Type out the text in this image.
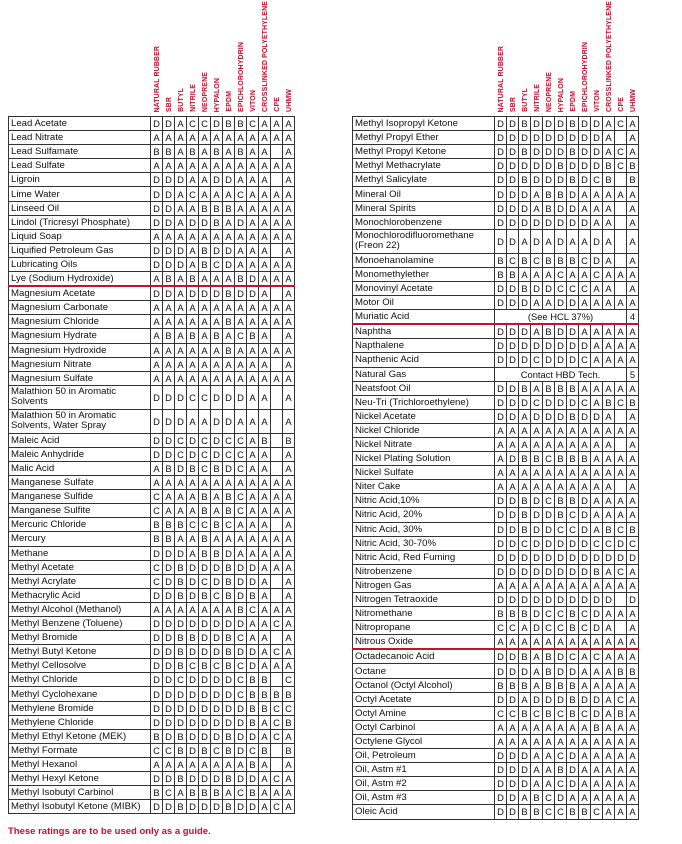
	NATURAL RUBBER	SBR	BUTYL	NITRILE	NEOPRENE	HYPALON	EPDM	EPICHLOROHYDRIN	VITON	CROSSLINKED POLYETHYLENE	CPE	UHMW

Lead Acetate	D	D	A	C	C	D	B	B	C	A	A	A
Lead Nitrate	A	A	A	A	A	A	A	A	A	A	A	A
Lead Sulfamate	B	B	A	B	A	B	A	B	A	A		A
Lead Sulfate	A	A	A	A	A	A	A	A	A	A	A	A
Ligroin	D	D	D	A	A	D	D	A	A	A		A
Lime Water	D	D	A	C	A	A	A	C	A	A	A	A
Linseed Oil	D	D	A	A	B	B	B	A	A	A	A	A
Lindol (Tricresyl Phosphate)	D	D	A	D	D	B	A	D	A	A	A	A
Liquid Soap	A	A	A	A	A	A	A	A	A	A	A	A
Liquified Petroleum Gas	D	D	D	A	B	D	D	A	A	A		A
Lubricating Oils	D	D	D	A	B	C	D	A	A	A	A	A
Lye (Sodium Hydroxide)	A	B	A	B	A	A	A	B	D	A	A	A
Magnesium Acetate	D	D	A	D	D	D	B	D	D	A		A
Magnesium Carbonate	A	A	A	A	A	A	A	A	A	A	A	A
Magnesium Chloride	A	A	A	A	A	A	B	A	A	A	A	A
Magnesium Hydrate	A	B	A	B	A	B	A	C	B	A		A
Magnesium Hydroxide	A	A	A	A	A	A	B	A	A	A	A	A
Magnesium Nitrate	A	A	A	A	A	A	A	A	A	A		A
Magnesium Sulfate	A	A	A	A	A	A	A	A	A	A	A	A
Malathion 50 in Aromatic Solvents	D	D	D	C	C	D	D	D	A	A		A
Malathion 50 in Aromatic Solvents, Water Spray	D	D	D	A	A	D	D	A	A	A		A
Maleic Acid	D	D	C	D	C	D	C	C	A	B		B
Maleic Anhydride	D	D	C	D	C	D	C	C	A	A		A
Malic Acid	A	B	D	B	C	B	D	C	A	A		A
Manganese Sulfate	A	A	A	A	A	A	A	A	A	A	A	A
Manganese Sulfide	C	A	A	A	B	A	B	C	A	A	A	A
Manganese Sulfite	C	A	A	A	B	A	B	C	A	A	A	A
Mercuric Chloride	B	B	B	C	C	B	C	A	A	A		A
Mercury	B	B	A	A	B	A	A	A	A	A	A	A
Methane	D	D	D	A	B	B	D	A	A	A	A	A
Methyl Acetate	C	D	B	D	D	D	B	D	D	A	A	A
Methyl Acrylate	C	D	B	D	C	D	B	D	D	A		A
Methacrylic Acid	D	D	B	D	B	C	B	D	B	A		A
Methyl Alcohol (Methanol)	A	A	A	A	A	A	A	B	C	A	A	A
Methyl Benzene (Toluene)	D	D	D	D	D	D	D	D	A	A	C	A
Methyl Bromide	D	D	B	B	D	D	B	C	A	A		A
Methyl Butyl Ketone	D	D	B	D	D	D	B	D	D	A	C	A
Methyl Cellosolve	D	D	B	C	B	C	B	C	D	A	A	A
Methyl Chloride	D	D	C	D	D	D	D	C	B	B		C
Methyl Cyclohexane	D	D	D	D	D	D	D	C	B	B	B	B
Methylene Bromide	D	D	D	D	D	D	D	D	B	B	C	C
Methylene Chloride	D	D	D	D	D	D	D	D	B	A	C	B
Methyl Ethyl Ketone (MEK)	B	D	B	D	D	D	B	D	D	A	C	A
Methyl Formate	C	C	B	D	B	C	B	D	C	B		B
Methyl Hexanol	A	A	A	A	A	A	A	A	B	A		A
Methyl Hexyl Ketone	D	D	B	D	D	D	B	D	D	A	C	A
Methyl Isobutyl Carbinol	B	C	A	B	B	B	A	C	B	A	A	A
Methyl Isobutyl Ketone (MIBK)	D	D	B	D	D	D	B	D	D	A	C	A

	NATURAL RUBBER	SBR	BUTYL	NITRILE	NEOPRENE	HYPALON	EPDM	EPICHLOROHYDRIN	VITON	CROSSLINKED POLYETHYLENE	CPE	UHMW

Methyl Isopropyl Ketone	D	D	B	D	D	D	B	D	D	A	C	A
Methyl Propyl Ether	D	D	D	D	D	D	D	D	D	A		A
Methyl Propyl Ketone	D	D	B	D	D	D	B	D	D	A	C	A
Methyl Methacrylate	D	D	D	D	D	B	D	D	D	B	C	B
Methyl Salicylate	D	D	B	D	D	D	B	D	C	B		B
Mineral Oil	D	D	D	A	B	B	D	A	A	A	A	A
Mineral Spirits	D	D	D	A	B	D	D	A	A	A		A
Monochlorobenzene	D	D	D	D	D	D	D	D	A	A		A
Monochlorodifluoromethane (Freon 22)	D	D	A	D	A	D	A	A	D	A		A
Monoehanolamine	B	C	B	C	B	B	B	C	D	A		A
Monomethylether	B	B	A	A	A	C	A	A	C	A	A	A
Monovinyl Acetate	D	D	B	D	D	C	C	C	A	A		A
Motor Oil	D	D	D	A	A	D	D	A	A	A	A	A
Muriatic Acid	(See HCL 37%)											4
Naphtha	D	D	D	A	B	D	D	A	A	A	A	A
Napthalene	D	D	D	D	D	D	D	D	A	A	A	A
Napthenic Acid	D	D	D	C	D	D	D	C	A	A	A	A
Natural Gas	Contact HBD Tech.											5
Neatsfoot Oil	D	D	B	A	B	B	B	A	A	A	A	A
Neu-Tri (Trichloroethylene)	D	D	D	C	D	D	D	C	A	B	C	B
Nickel Acetate	D	D	A	D	D	D	B	D	D	A		A
Nickel Chloride	A	A	A	A	A	A	A	A	A	A	A	A
Nickel Nitrate	A	A	A	A	A	A	A	A	A	A		A
Nickel Plating Solution	A	D	B	B	C	B	B	B	A	A	A	A
Nickel Sulfate	A	A	A	A	A	A	A	A	A	A	A	A
Niter Cake	A	A	A	A	A	A	A	A	A	A		A
Nitric Acid,10%	D	D	B	D	C	B	B	D	A	A	A	A
Nitric Acid, 20%	D	D	B	D	D	B	C	D	A	A	A	A
Nitric Acid, 30%	D	D	B	D	D	C	C	D	A	B	C	B
Nitric Acid, 30-70%	D	D	C	D	D	D	D	D	C	C	D	C
Nitric Acid, Red Fuming	D	D	D	D	D	D	D	D	D	D	D	D
Nitrobenzene	D	D	D	D	D	D	D	D	B	A	C	A
Nitrogen Gas	A	A	A	A	A	A	A	A	A	A	A	A
Nitrogen Tetraoxide	D	D	D	D	D	D	D	D	D	D		D
Nitromethane	B	B	B	D	C	C	B	C	D	A	A	A
Nitropropane	C	C	A	D	C	C	B	C	D	A		A
Nitrous Oxide	A	A	A	A	A	A	A	A	A	A	A	A
Octadecanoic Acid	D	D	B	A	B	D	C	A	C	A	A	A
Octane	D	D	D	A	B	D	D	A	A	A	B	B
Octanol (Octyl Alcohol)	B	B	B	A	B	B	B	A	A	A	A	A
Octyl Acetate	D	D	A	D	D	D	B	D	D	A	C	A
Octyl Amine	C	C	B	C	B	C	B	C	D	A	B	A
Octyl Carbinol	A	A	A	A	A	A	A	A	B	A	A	A
Octylene Glycol	A	A	A	A	A	A	A	A	A	A	A	A
Oil, Petroleum	D	D	D	A	A	C	D	A	A	A	A	A
Oil, Astm #1	D	D	D	A	A	B	D	A	A	A	A	A
Oil, Astm #2	D	D	D	A	A	C	D	A	A	A	A	A
Oil, Astm #3	D	D	A	B	C	D	A	A	A	A	A	A
Oleic Acid	D	D	B	B	C	C	B	B	C	A	A	A
These ratings are to be used only as a guide.
